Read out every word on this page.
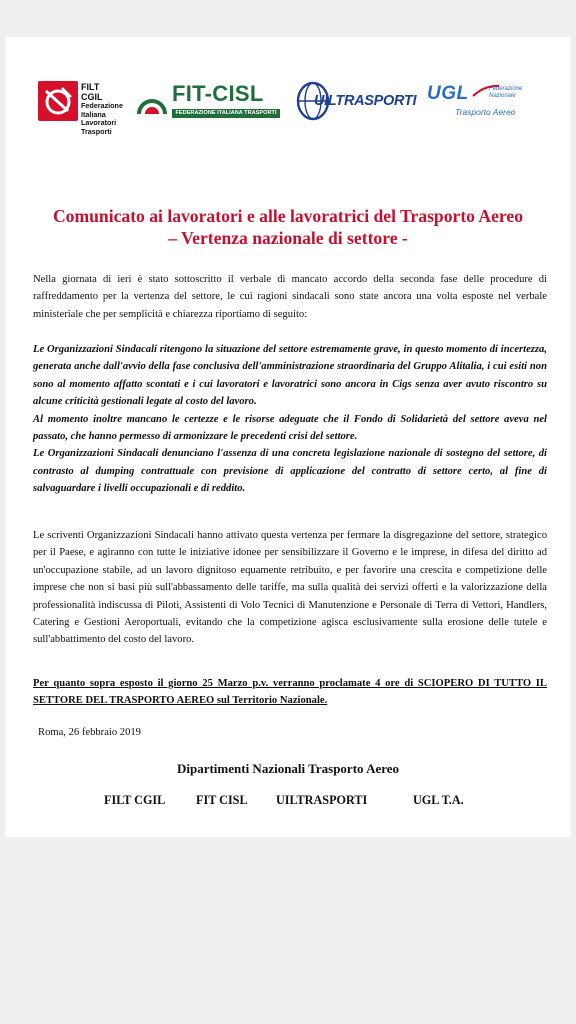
FILT CGIL
Federazione
Italiana
Lavoratori
Trasporti
FIT-CISL
FEDERAZIONE ITALIANA TRASPORTI
UILTRASPORTI UGL	Federazione
Nazionale
Trasporto Aereo
Comunicato ai lavoratori e alle lavoratrici del Trasporto Aereo
– Vertenza nazionale di settore -

Nella giornata di ieri è stato sottoscritto il verbale di mancato accordo della seconda fase delle procedure di raffreddamento per la vertenza del settore, le cui ragioni sindacali sono state ancora una volta esposte nel verbale ministeriale che per semplicità e chiarezza riportiamo di seguito:

Le Organizzazioni Sindacali ritengono la situazione del settore estremamente grave, in questo momento di incertezza, generata anche dall'avvio della fase conclusiva dell'amministrazione straordinaria del Gruppo Alitalia, i cui esiti non sono al momento affatto scontati e i cui lavoratori e lavoratrici sono ancora in Cigs senza aver avuto riscontro su alcune criticità gestionali legate al costo del lavoro.

Al momento inoltre mancano le certezze e le risorse adeguate che il Fondo di Solidarietà del settore aveva nel passato, che hanno permesso di armonizzare le precedenti crisi del settore.

Le Organizzazioni Sindacali denunciano l'assenza di una concreta legislazione nazionale di sostegno del settore, di contrasto al dumping contrattuale con previsione di applicazione del contratto di settore certo, al fine di salvaguardare i livelli occupazionali e di reddito.

Le scriventi Organizzazioni Sindacali hanno attivato questa vertenza per fermare la disgregazione del settore, strategico per il Paese, e agiranno con tutte le iniziative idonee per sensibilizzare il Governo e le imprese, in difesa del diritto ad un'occupazione stabile, ad un lavoro dignitoso equamente retribuito, e per favorire una crescita e competizione delle imprese che non si basi più sull'abbassamento delle tariffe, ma sulla qualità dei servizi offerti e la valorizzazione della professionalità indiscussa di Piloti, Assistenti di Volo Tecnici di Manutenzione e Personale di Terra di Vettori, Handlers, Catering e Gestioni Aeroportuali, evitando che la competizione agisca esclusivamente sulla erosione delle tutele e sull'abbattimento del costo del lavoro.

Per quanto sopra esposto il giorno 25 Marzo p.v. verranno proclamate 4 ore di SCIOPERO DI TUTTO IL SETTORE DEL TRASPORTO AEREO sul Territorio Nazionale.

Roma, 26 febbraio 2019
Dipartimenti Nazionali Trasporto Aereo
FILT CGIL	FIT CISL UILTRASPORTI	UGL T.A.
